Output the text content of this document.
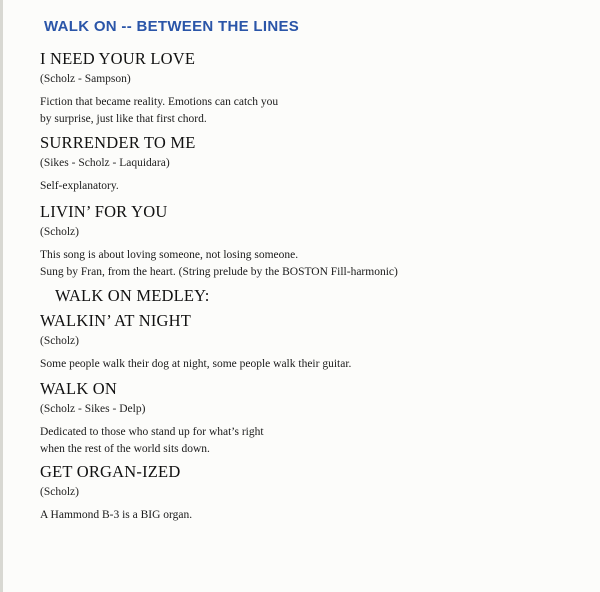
WALK ON -- BETWEEN THE LINES
I NEED YOUR LOVE
(Scholz - Sampson)
Fiction that became reality. Emotions can catch you
by surprise, just like that first chord.
SURRENDER TO ME
(Sikes - Scholz - Laquidara)
Self-explanatory.
LIVIN’ FOR YOU
(Scholz)
This song is about loving someone, not losing someone.
Sung by Fran, from the heart. (String prelude by the BOSTON Fill-harmonic)
WALK ON MEDLEY:
WALKIN’ AT NIGHT
(Scholz)
Some people walk their dog at night, some people walk their guitar.
WALK ON
(Scholz - Sikes - Delp)
Dedicated to those who stand up for what’s right
when the rest of the world sits down.
GET ORGAN-IZED
(Scholz)
A Hammond B-3 is a BIG organ.
